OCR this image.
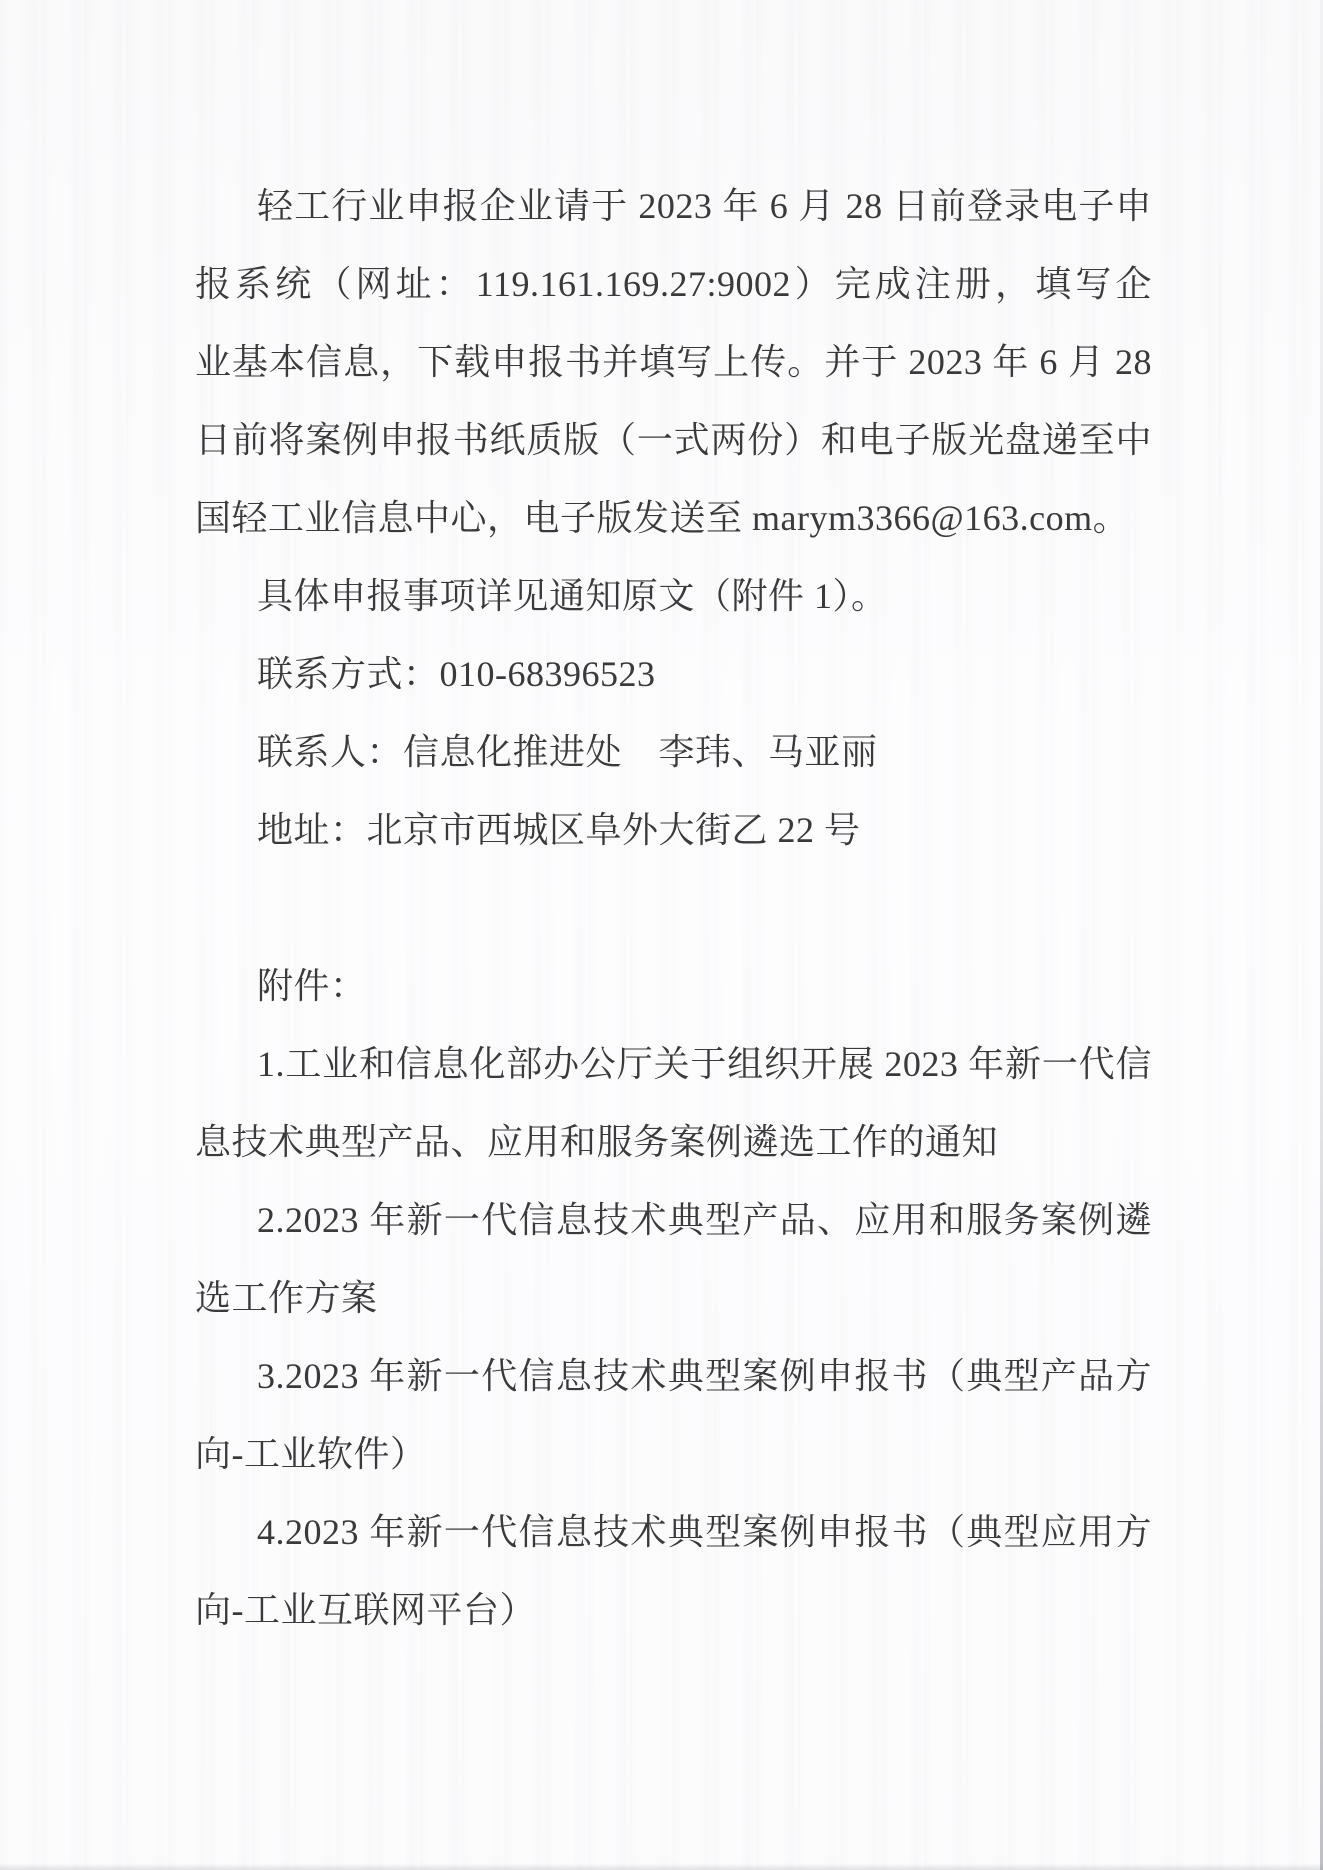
轻工行业申报企业请于 2023 年 6 月 28 日前登录电子申
报系统（网址：119.161.169.27:9002）完成注册，填写企
业基本信息，下载申报书并填写上传。并于 2023 年 6 月 28
日前将案例申报书纸质版（一式两份）和电子版光盘递至中
国轻工业信息中心，电子版发送至 marym3366@163.com。
具体申报事项详见通知原文（附件 1）。
联系方式：010-68396523
联系人：信息化推进处　李玮、马亚丽
地址：北京市西城区阜外大街乙 22 号
附件：
1.工业和信息化部办公厅关于组织开展 2023 年新一代信
息技术典型产品、应用和服务案例遴选工作的通知
2.2023 年新一代信息技术典型产品、应用和服务案例遴
选工作方案
3.2023 年新一代信息技术典型案例申报书（典型产品方
向-工业软件）
4.2023 年新一代信息技术典型案例申报书（典型应用方
向-工业互联网平台）
